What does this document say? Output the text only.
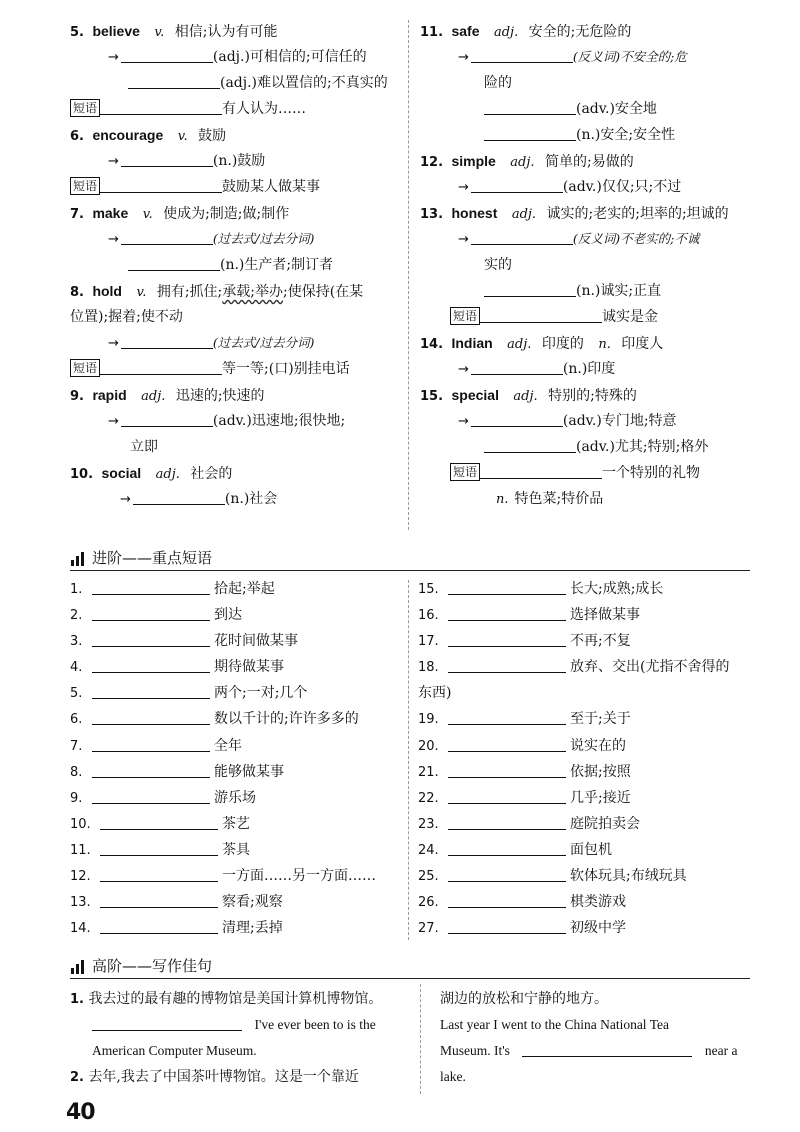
5. believe v. 相信;认为有可能
→	(adj.)可相信的;可信任的
(adj.)难以置信的;不真实的
短语	有人认为……
6. encourage v. 鼓励
→	(n.)鼓励
短语	鼓励某人做某事
7. make v. 使成为;制造;做;制作
→	(过去式/过去分词)
(n.)生产者;制订者
8. hold v. 拥有;抓住;承载;举办;使保持(在某
位置);握着;使不动
→	(过去式/过去分词)
短语	等一等;(口)别挂电话
9. rapid adj. 迅速的;快速的
→	(adv.)迅速地;很快地;
立即
10. social adj. 社会的
→	(n.)社会
11. safe adj. 安全的;无危险的
→	(反义词)不安全的;危
险的
(adv.)安全地
(n.)安全;安全性
12. simple adj. 简单的;易做的
→	(adv.)仅仅;只;不过
13. honest adj. 诚实的;老实的;坦率的;坦诚的
→	(反义词)不老实的;不诚
实的
(n.)诚实;正直
短语	诚实是金
14. Indian adj. 印度的 n. 印度人
→	(n.)印度
15. special adj. 特别的;特殊的
→	(adv.)专门地;特意
(adv.)尤其;特别;格外
短语	一个特别的礼物
n. 特色菜;特价品
进阶——重点短语
1.	拾起;举起
2.	到达
3.	花时间做某事
4.	期待做某事
5.	两个;一对;几个
6.	数以千计的;许许多多的
7.	全年
8.	能够做某事
9.	游乐场
10.	茶艺
11.	茶具
12.	一方面……另一方面……
13.	察看;观察
14.	清理;丢掉
15.	长大;成熟;成长
16.	选择做某事
17.	不再;不复
18.	放弃、交出(尤指不舍得的
东西)
19.	至于;关于
20.	说实在的
21.	依据;按照
22.	几乎;接近
23.	庭院拍卖会
24.	面包机
25.	软体玩具;布绒玩具
26.	棋类游戏
27.	初级中学
高阶——写作佳句
1. 我去过的最有趣的博物馆是美国计算机博物馆。
I've ever been to is the
American Computer Museum.
2. 去年,我去了中国茶叶博物馆。这是一个靠近
湖边的放松和宁静的地方。
Last year I went to the China National Tea
Museum. It's	near a
lake.
40
